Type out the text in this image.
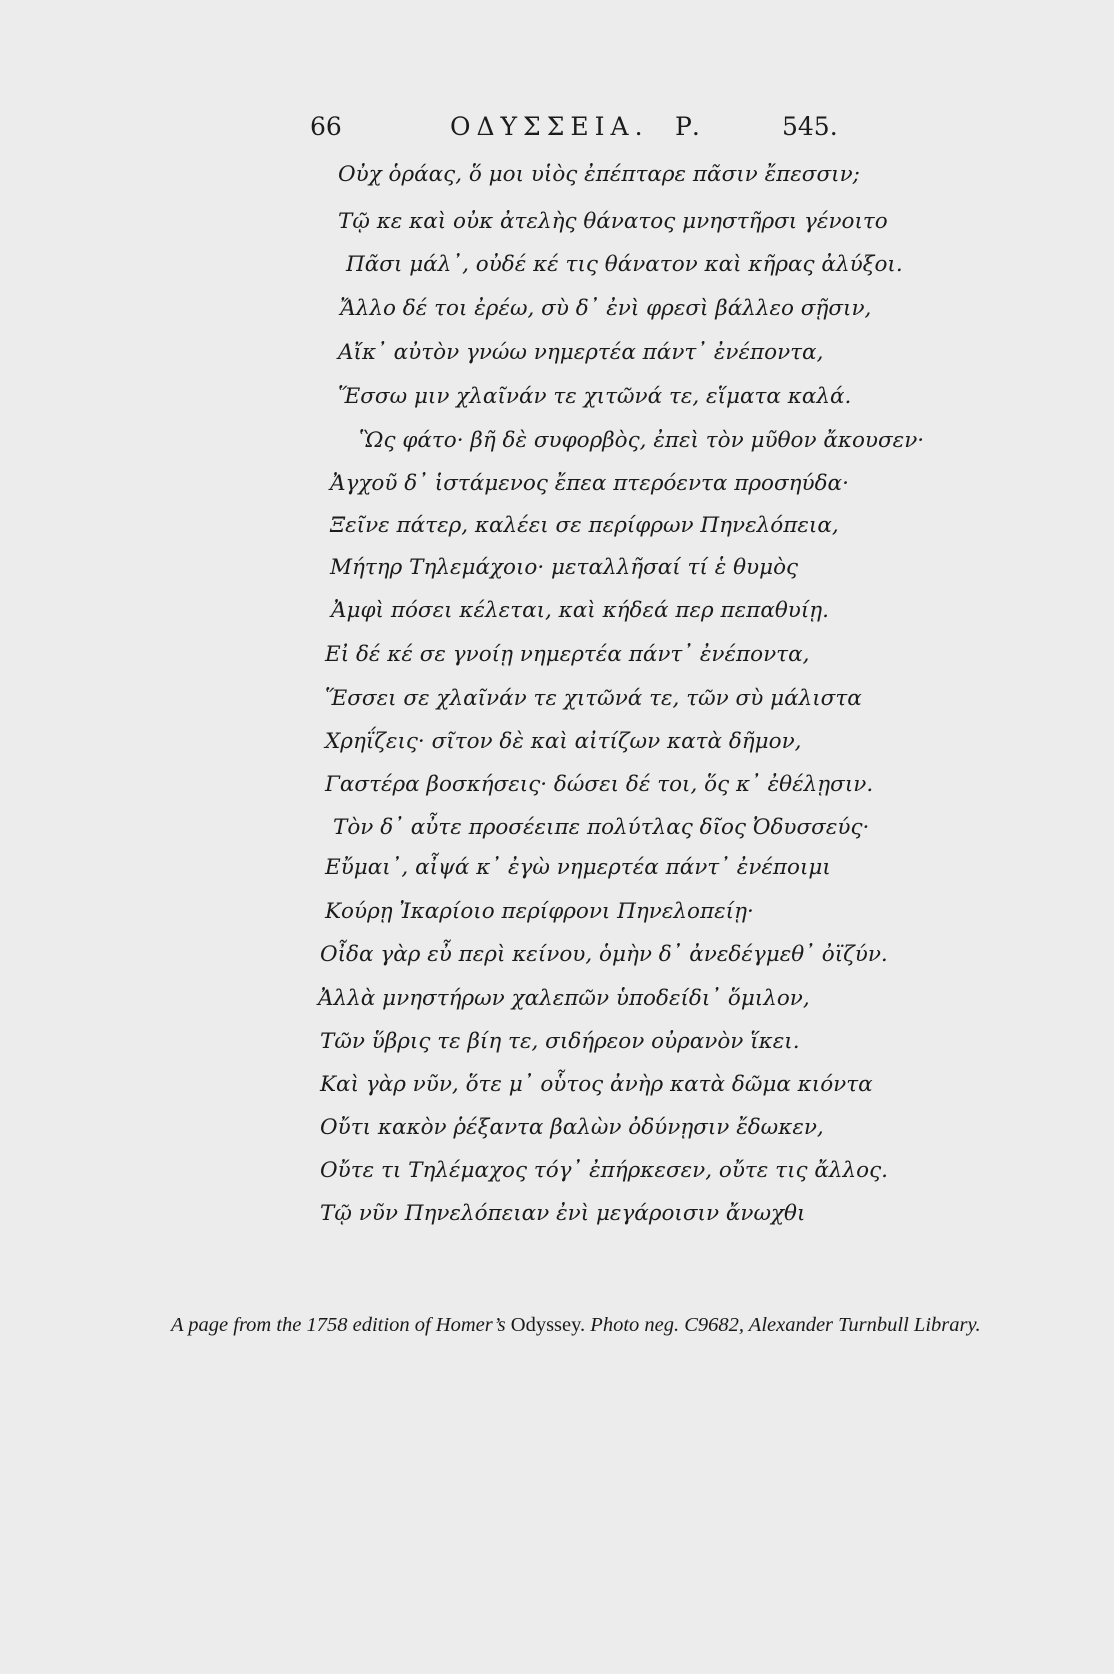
66	ΟΔΥΣΣΕΙΑ. Ρ.	545.
Οὐχ ὁράας, ὅ μοι υἱὸς ἐπέπταρε πᾶσιν ἔπεσσιν;
Τῷ κε καὶ οὐκ ἀτελὴς θάνατος μνηστῆρσι γένοιτο
Πᾶσι μάλ᾽, οὐδέ κέ τις θάνατον καὶ κῆρας ἀλύξοι.
Ἄλλο δέ τοι ἐρέω, σὺ δ᾽ ἐνὶ φρεσὶ βάλλεο σῇσιν,
Αἴκ᾽ αὐτὸν γνώω νημερτέα πάντ᾽ ἐνέποντα,
Ἕσσω μιν χλαῖνάν τε χιτῶνά τε, εἵματα καλά.
Ὣς φάτο· βῆ δὲ συφορβὸς, ἐπεὶ τὸν μῦθον ἄκουσεν·
Ἀγχοῦ δ᾽ ἱστάμενος ἔπεα πτερόεντα προσηύδα·
Ξεῖνε πάτερ, καλέει σε περίφρων Πηνελόπεια,
Μήτηρ Τηλεμάχοιο· μεταλλῆσαί τί ἑ θυμὸς
Ἀμφὶ πόσει κέλεται, καὶ κήδεά περ πεπαθυίῃ.
Εἰ δέ κέ σε γνοίῃ νημερτέα πάντ᾽ ἐνέποντα,
Ἕσσει σε χλαῖνάν τε χιτῶνά τε, τῶν σὺ μάλιστα
Χρηΐζεις· σῖτον δὲ καὶ αἰτίζων κατὰ δῆμον,
Γαστέρα βοσκήσεις· δώσει δέ τοι, ὅς κ᾽ ἐθέλῃσιν.
Τὸν δ᾽ αὖτε προσέειπε πολύτλας δῖος Ὀδυσσεύς·
Εὔμαι᾽, αἶψά κ᾽ ἐγὼ νημερτέα πάντ᾽ ἐνέποιμι
Κούρῃ Ἰκαρίοιο περίφρονι Πηνελοπείῃ·
Οἶδα γὰρ εὖ περὶ κείνου, ὁμὴν δ᾽ ἀνεδέγμεθ᾽ ὀϊζύν.
Ἀλλὰ μνηστήρων χαλεπῶν ὑποδείδι᾽ ὅμιλον,
Τῶν ὕβρις τε βίη τε, σιδήρεον οὐρανὸν ἵκει.
Καὶ γὰρ νῦν, ὅτε μ᾽ οὗτος ἀνὴρ κατὰ δῶμα κιόντα
Οὔτι κακὸν ῥέξαντα βαλὼν ὀδύνῃσιν ἔδωκεν,
Οὔτε τι Τηλέμαχος τόγ᾽ ἐπήρκεσεν, οὔτε τις ἄλλος.
Τῷ νῦν Πηνελόπειαν ἐνὶ μεγάροισιν ἄνωχθι
A page from the 1758 edition of Homer’s Odyssey. Photo neg. C9682, Alexander Turnbull Library.
